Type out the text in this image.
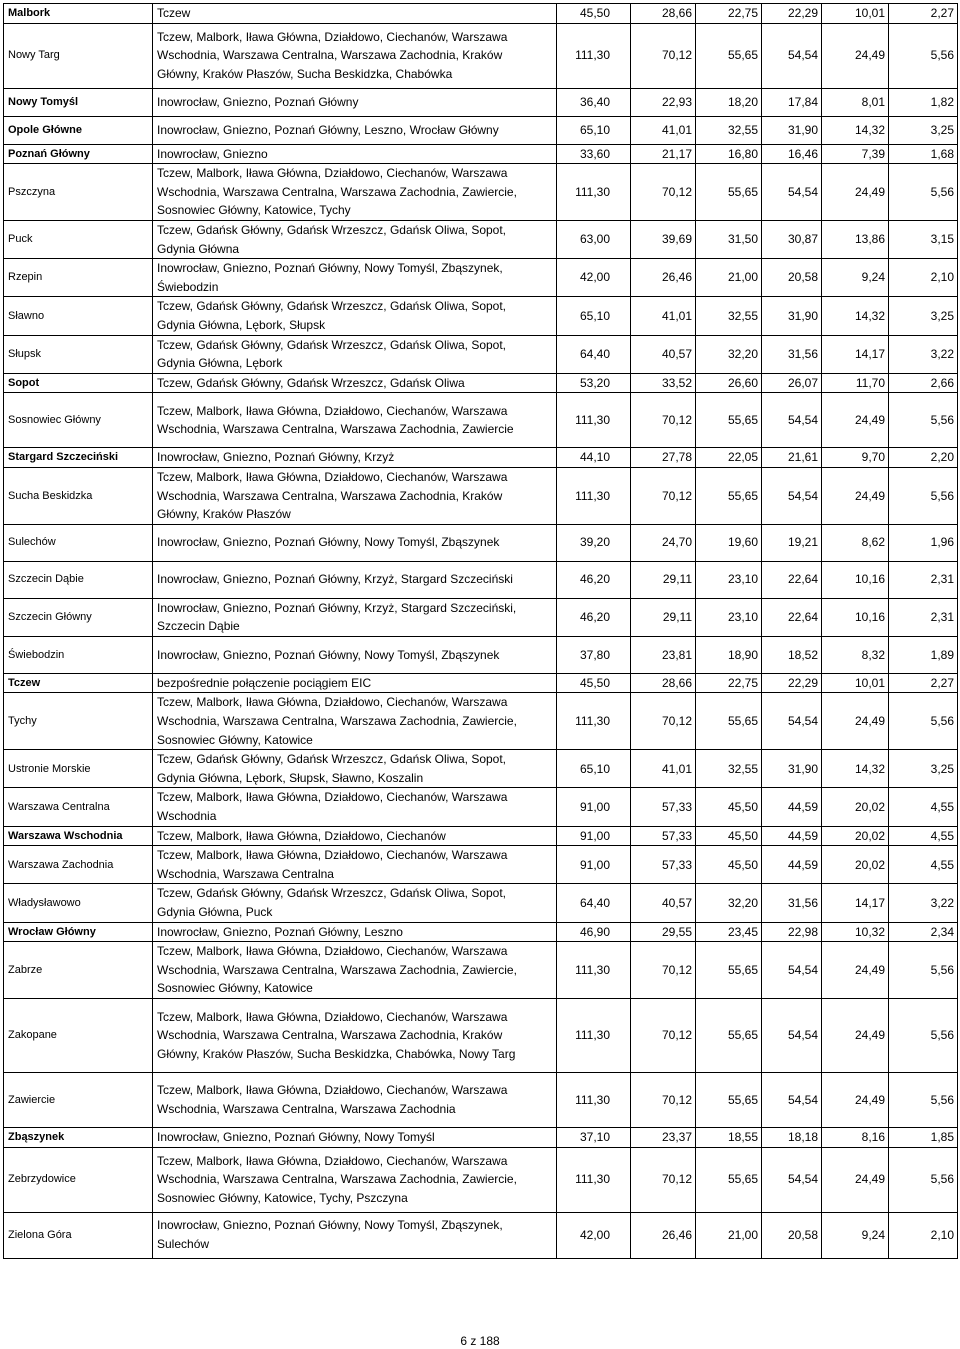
Malbork	Tczew	45,50	28,66	22,75	22,29	10,01	2,27
Nowy Targ	Tczew, Malbork, Iława Główna, Działdowo, Ciechanów, Warszawa
Wschodnia, Warszawa Centralna, Warszawa Zachodnia, Kraków
Główny, Kraków Płaszów, Sucha Beskidzka, Chabówka	111,30	70,12	55,65	54,54	24,49	5,56
Nowy Tomyśl	Inowrocław, Gniezno, Poznań Główny	36,40	22,93	18,20	17,84	8,01	1,82
Opole Główne	Inowrocław, Gniezno, Poznań Główny, Leszno, Wrocław Główny	65,10	41,01	32,55	31,90	14,32	3,25
Poznań Główny	Inowrocław, Gniezno	33,60	21,17	16,80	16,46	7,39	1,68
Pszczyna	Tczew, Malbork, Iława Główna, Działdowo, Ciechanów, Warszawa
Wschodnia, Warszawa Centralna, Warszawa Zachodnia, Zawiercie,
Sosnowiec Główny, Katowice, Tychy	111,30	70,12	55,65	54,54	24,49	5,56
Puck	Tczew, Gdańsk Główny, Gdańsk Wrzeszcz, Gdańsk Oliwa, Sopot,
Gdynia Główna	63,00	39,69	31,50	30,87	13,86	3,15
Rzepin	Inowrocław, Gniezno, Poznań Główny, Nowy Tomyśl, Zbąszynek,
Świebodzin	42,00	26,46	21,00	20,58	9,24	2,10
Sławno	Tczew, Gdańsk Główny, Gdańsk Wrzeszcz, Gdańsk Oliwa, Sopot,
Gdynia Główna, Lębork, Słupsk	65,10	41,01	32,55	31,90	14,32	3,25
Słupsk	Tczew, Gdańsk Główny, Gdańsk Wrzeszcz, Gdańsk Oliwa, Sopot,
Gdynia Główna, Lębork	64,40	40,57	32,20	31,56	14,17	3,22
Sopot	Tczew, Gdańsk Główny, Gdańsk Wrzeszcz, Gdańsk Oliwa	53,20	33,52	26,60	26,07	11,70	2,66
Sosnowiec Główny	Tczew, Malbork, Iława Główna, Działdowo, Ciechanów, Warszawa
Wschodnia, Warszawa Centralna, Warszawa Zachodnia, Zawiercie	111,30	70,12	55,65	54,54	24,49	5,56
Stargard Szczeciński	Inowrocław, Gniezno, Poznań Główny, Krzyż	44,10	27,78	22,05	21,61	9,70	2,20
Sucha Beskidzka	Tczew, Malbork, Iława Główna, Działdowo, Ciechanów, Warszawa
Wschodnia, Warszawa Centralna, Warszawa Zachodnia, Kraków
Główny, Kraków Płaszów	111,30	70,12	55,65	54,54	24,49	5,56
Sulechów	Inowrocław, Gniezno, Poznań Główny, Nowy Tomyśl, Zbąszynek	39,20	24,70	19,60	19,21	8,62	1,96
Szczecin Dąbie	Inowrocław, Gniezno, Poznań Główny, Krzyż, Stargard Szczeciński	46,20	29,11	23,10	22,64	10,16	2,31
Szczecin Główny	Inowrocław, Gniezno, Poznań Główny, Krzyż, Stargard Szczeciński,
Szczecin Dąbie	46,20	29,11	23,10	22,64	10,16	2,31
Świebodzin	Inowrocław, Gniezno, Poznań Główny, Nowy Tomyśl, Zbąszynek	37,80	23,81	18,90	18,52	8,32	1,89
Tczew	bezpośrednie połączenie pociągiem EIC	45,50	28,66	22,75	22,29	10,01	2,27
Tychy	Tczew, Malbork, Iława Główna, Działdowo, Ciechanów, Warszawa
Wschodnia, Warszawa Centralna, Warszawa Zachodnia, Zawiercie,
Sosnowiec Główny, Katowice	111,30	70,12	55,65	54,54	24,49	5,56
Ustronie Morskie	Tczew, Gdańsk Główny, Gdańsk Wrzeszcz, Gdańsk Oliwa, Sopot,
Gdynia Główna, Lębork, Słupsk, Sławno, Koszalin	65,10	41,01	32,55	31,90	14,32	3,25
Warszawa Centralna	Tczew, Malbork, Iława Główna, Działdowo, Ciechanów, Warszawa
Wschodnia	91,00	57,33	45,50	44,59	20,02	4,55
Warszawa Wschodnia	Tczew, Malbork, Iława Główna, Działdowo, Ciechanów	91,00	57,33	45,50	44,59	20,02	4,55
Warszawa Zachodnia	Tczew, Malbork, Iława Główna, Działdowo, Ciechanów, Warszawa
Wschodnia, Warszawa Centralna	91,00	57,33	45,50	44,59	20,02	4,55
Władysławowo	Tczew, Gdańsk Główny, Gdańsk Wrzeszcz, Gdańsk Oliwa, Sopot,
Gdynia Główna, Puck	64,40	40,57	32,20	31,56	14,17	3,22
Wrocław Główny	Inowrocław, Gniezno, Poznań Główny, Leszno	46,90	29,55	23,45	22,98	10,32	2,34
Zabrze	Tczew, Malbork, Iława Główna, Działdowo, Ciechanów, Warszawa
Wschodnia, Warszawa Centralna, Warszawa Zachodnia, Zawiercie,
Sosnowiec Główny, Katowice	111,30	70,12	55,65	54,54	24,49	5,56
Zakopane	Tczew, Malbork, Iława Główna, Działdowo, Ciechanów, Warszawa
Wschodnia, Warszawa Centralna, Warszawa Zachodnia, Kraków
Główny, Kraków Płaszów, Sucha Beskidzka, Chabówka, Nowy Targ	111,30	70,12	55,65	54,54	24,49	5,56
Zawiercie	Tczew, Malbork, Iława Główna, Działdowo, Ciechanów, Warszawa
Wschodnia, Warszawa Centralna, Warszawa Zachodnia	111,30	70,12	55,65	54,54	24,49	5,56
Zbąszynek	Inowrocław, Gniezno, Poznań Główny, Nowy Tomyśl	37,10	23,37	18,55	18,18	8,16	1,85
Zebrzydowice	Tczew, Malbork, Iława Główna, Działdowo, Ciechanów, Warszawa
Wschodnia, Warszawa Centralna, Warszawa Zachodnia, Zawiercie,
Sosnowiec Główny, Katowice, Tychy, Pszczyna	111,30	70,12	55,65	54,54	24,49	5,56
Zielona Góra	Inowrocław, Gniezno, Poznań Główny, Nowy Tomyśl, Zbąszynek,
Sulechów	42,00	26,46	21,00	20,58	9,24	2,10
6 z 188
